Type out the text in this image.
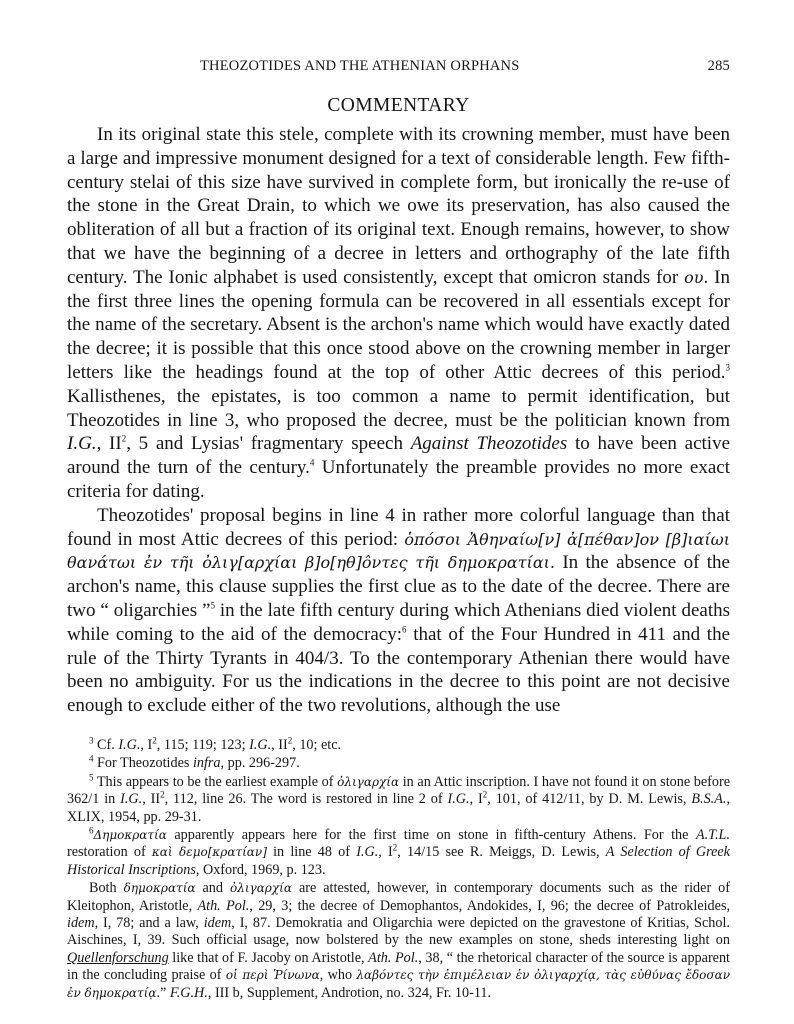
THEOZOTIDES AND THE ATHENIAN ORPHANS	285
COMMENTARY

In its original state this stele, complete with its crowning member, must have been a large and impressive monument designed for a text of considerable length. Few fifth-century stelai of this size have survived in complete form, but ironically the re-use of the stone in the Great Drain, to which we owe its preservation, has also caused the obliteration of all but a fraction of its original text. Enough remains, however, to show that we have the beginning of a decree in letters and orthography of the late fifth century. The Ionic alphabet is used consistently, except that omicron stands for ου. In the first three lines the opening formula can be recovered in all essentials except for the name of the secretary. Absent is the archon's name which would have exactly dated the decree; it is possible that this once stood above on the crowning member in larger letters like the headings found at the top of other Attic decrees of this period.$^3$ Kallisthenes, the epistates, is too common a name to permit identification, but Theozotides in line 3, who proposed the decree, must be the politician known from I.G., $II^2$, 5 and Lysias' fragmentary speech Against Theozotides to have been active around the turn of the century.$^4$ Unfortunately the preamble provides no more exact criteria for dating.

Theozotides' proposal begins in line 4 in rather more colorful language than that found in most Attic decrees of this period: ὁπόσοι Ἀθηναίω[ν] ἀ[πέθαν]ον [β]ιαίωι θανάτωι ἐν τῆι ὀλιγ[αρχίαι β]ο[ηθ]ôντες τῆι δημοκρατίαι. In the absence of the archon's name, this clause supplies the first clue as to the date of the decree. There are two “ oligarchies ”$^5$ in the late fifth century during which Athenians died violent deaths while coming to the aid of the democracy:$^6$ that of the Four Hundred in 411 and the rule of the Thirty Tyrants in 404/3. To the contemporary Athenian there would have been no ambiguity. For us the indications in the decree to this point are not decisive enough to exclude either of the two revolutions, although the use

$^3$ Cf. I.G., $I^2$, 115; 119; 123; I.G., $II^2$, 10; etc.

$^4$ For Theozotides infra, pp. 296-297.

$^5$ This appears to be the earliest example of ὀλιγαρχία in an Attic inscription. I have not found it on stone before 362/1 in I.G., $II^2$, 112, line 26. The word is restored in line 2 of I.G., $I^2$, 101, of 412/11, by D. M. Lewis, B.S.A., XLIX, 1954, pp. 29-31.

$^6$Δημοκρατία apparently appears here for the first time on stone in fifth-century Athens. For the A.T.L. restoration of καὶ δεμο[κρατίαν] in line 48 of I.G., $I^2$, 14/15 see R. Meiggs, D. Lewis, A Selection of Greek Historical Inscriptions, Oxford, 1969, p. 123.

Both δημοκρατία and ὀλιγαρχία are attested, however, in contemporary documents such as the rider of Kleitophon, Aristotle, Ath. Pol., 29, 3; the decree of Demophantos, Andokides, I, 96; the decree of Patrokleides, idem, I, 78; and a law, idem, I, 87. Demokratia and Oligarchia were depicted on the gravestone of Kritias, Schol. Aischines, I, 39. Such official usage, now bolstered by the new examples on stone, sheds interesting light on Quellenforschung like that of F. Jacoby on Aristotle, Ath. Pol., 38, “ the rhetorical character of the source is apparent in the concluding praise of οἱ περὶ Ῥίνωνα, who λαβόντες τὴν ἐπιμέλειαν ἐν ὀλιγαρχίᾳ, τὰς εὐθύνας ἔδοσαν ἐν δημοκρατίᾳ.” F.G.H., III b, Supplement, Androtion, no. 324, Fr. 10-11.
